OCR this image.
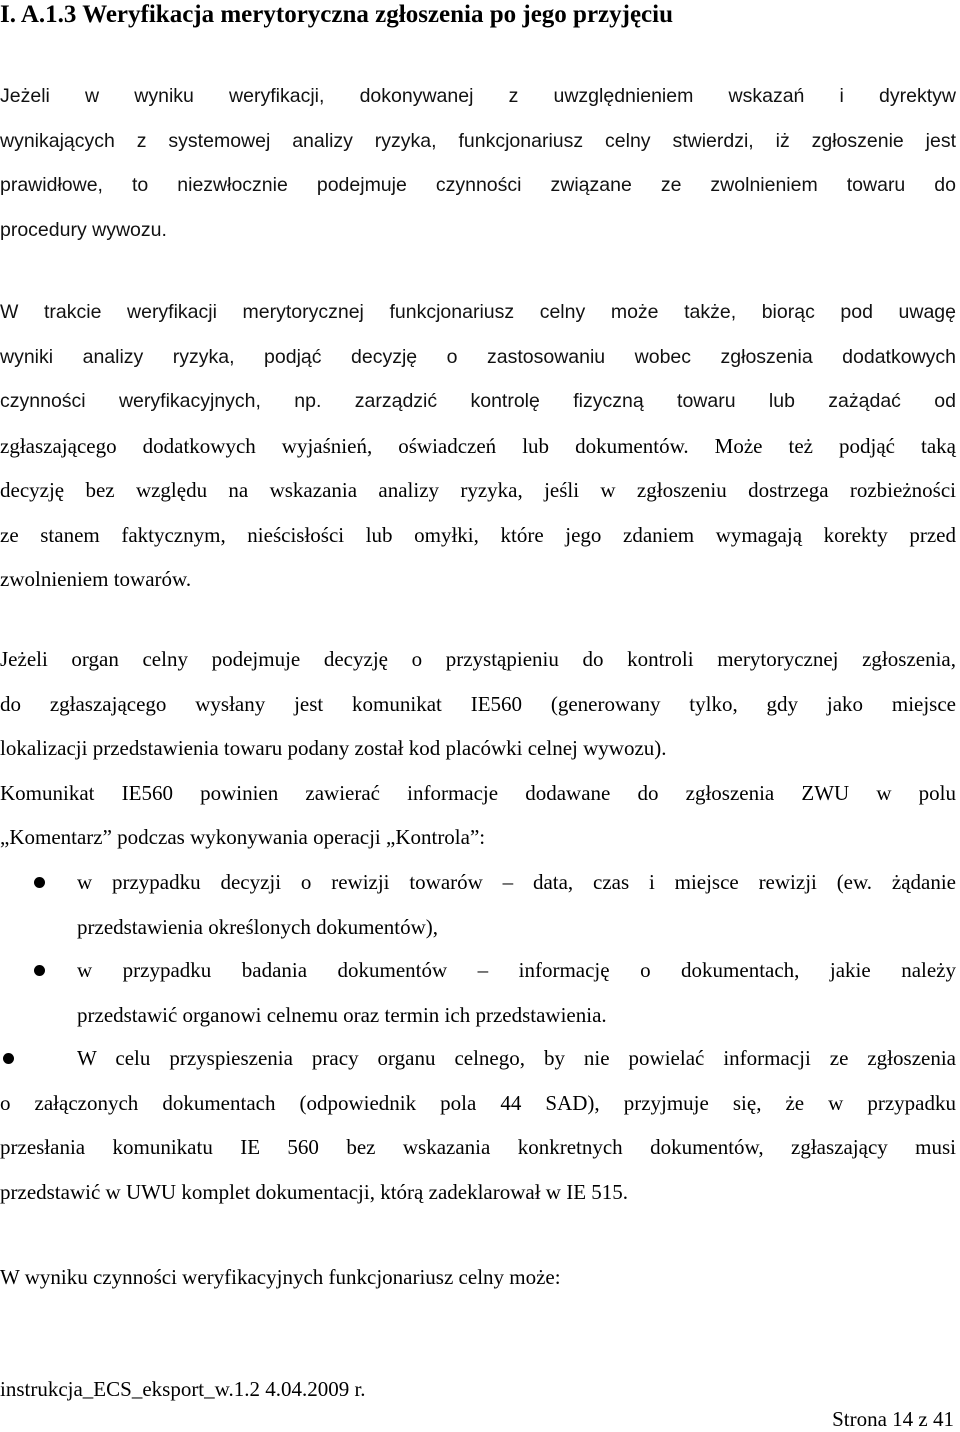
I. A.1.3 Weryfikacja merytoryczna zgłoszenia po jego przyjęciu
Jeżeli w wyniku weryfikacji, dokonywanej z uwzględnieniem wskazań i dyrektyw
wynikających z systemowej analizy ryzyka, funkcjonariusz celny stwierdzi, iż zgłoszenie jest
prawidłowe, to niezwłocznie podejmuje czynności związane ze zwolnieniem towaru do
procedury wywozu.
W trakcie weryfikacji merytorycznej funkcjonariusz celny może także, biorąc pod uwagę
wyniki analizy ryzyka, podjąć decyzję o zastosowaniu wobec zgłoszenia dodatkowych
czynności weryfikacyjnych, np. zarządzić kontrolę fizyczną towaru lub zażądać od
zgłaszającego dodatkowych wyjaśnień, oświadczeń lub dokumentów. Może też podjąć taką
decyzję bez względu na wskazania analizy ryzyka, jeśli w zgłoszeniu dostrzega rozbieżności
ze stanem faktycznym, nieścisłości lub omyłki, które jego zdaniem wymagają korekty przed
zwolnieniem towarów.
Jeżeli organ celny podejmuje decyzję o przystąpieniu do kontroli merytorycznej zgłoszenia,
do zgłaszającego wysłany jest komunikat IE560 (generowany tylko, gdy jako miejsce
lokalizacji przedstawienia towaru podany został kod placówki celnej wywozu).
Komunikat IE560 powinien zawierać informacje dodawane do zgłoszenia ZWU w polu
„Komentarz” podczas wykonywania operacji „Kontrola”:
w przypadku decyzji o rewizji towarów – data, czas i miejsce rewizji (ew. żądanie
przedstawienia określonych dokumentów),
w przypadku badania dokumentów – informację o dokumentach, jakie należy
przedstawić organowi celnemu oraz termin ich przedstawienia.
W celu przyspieszenia pracy organu celnego, by nie powielać informacji ze zgłoszenia
o załączonych dokumentach (odpowiednik pola 44 SAD), przyjmuje się, że w przypadku
przesłania komunikatu IE 560 bez wskazania konkretnych dokumentów, zgłaszający musi
przedstawić w UWU komplet dokumentacji, którą zadeklarował w IE 515.
W wyniku czynności weryfikacyjnych funkcjonariusz celny może:
instrukcja_ECS_eksport_w.1.2 4.04.2009 r.
Strona 14 z 41
